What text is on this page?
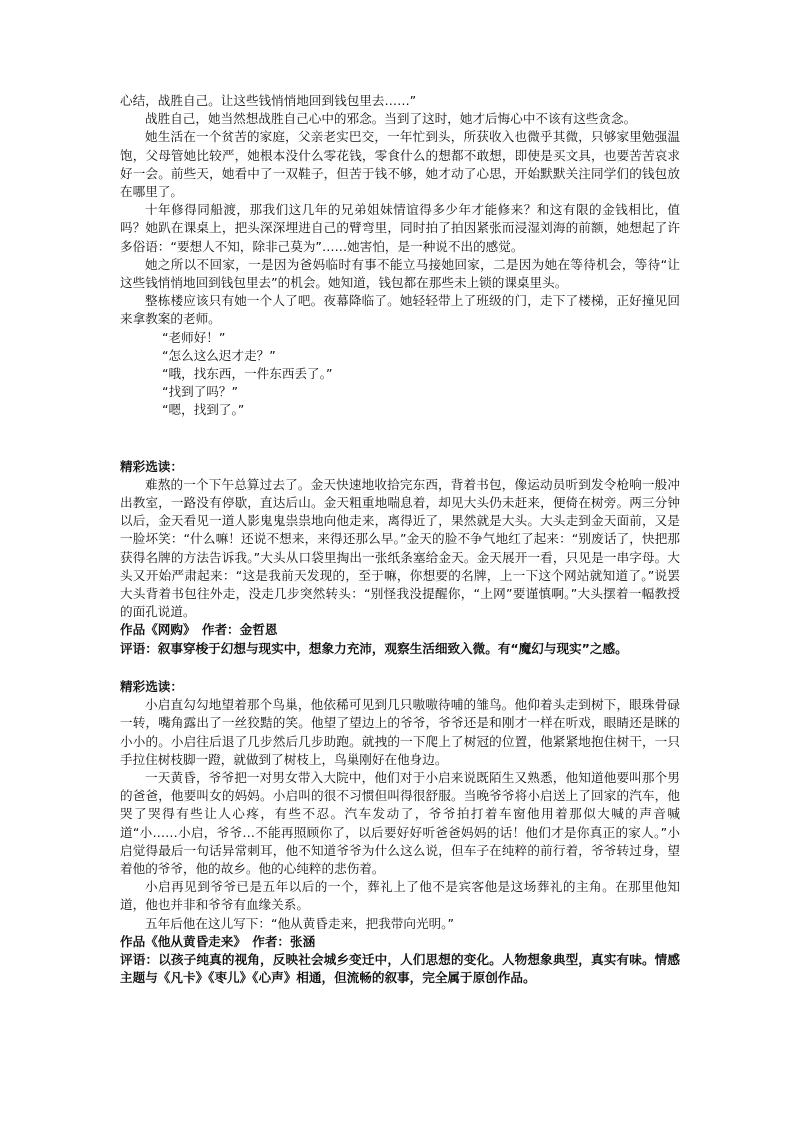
心结，战胜自己。让这些钱悄悄地回到钱包里去……”

战胜自己，她当然想战胜自己心中的邪念。当到了这时，她才后悔心中不该有这些贪念。

她生活在一个贫苦的家庭，父亲老实巴交，一年忙到头，所获收入也微乎其微，只够家里勉强温饱，父母管她比较严，她根本没什么零花钱，零食什么的想都不敢想，即使是买文具，也要苦苦哀求好一会。前些天，她看中了一双鞋子，但苦于钱不够，她才动了心思，开始默默关注同学们的钱包放在哪里了。

十年修得同船渡，那我们这几年的兄弟姐妹情谊得多少年才能修来？和这有限的金钱相比，值吗？她趴在课桌上，把头深深埋进自己的臂弯里，同时拍了拍因紧张而浸湿刘海的前额，她想起了许多俗语：“要想人不知，除非己莫为”……她害怕，是一种说不出的感觉。

她之所以不回家，一是因为爸妈临时有事不能立马接她回家，二是因为她在等待机会，等待“让这些钱悄悄地回到钱包里去”的机会。她知道，钱包都在那些未上锁的课桌里头。

整栋楼应该只有她一个人了吧。夜幕降临了。她轻轻带上了班级的门，走下了楼梯，正好撞见回来拿教案的老师。

“老师好！”

“怎么这么迟才走？”

“哦，找东西，一件东西丢了。”

“找到了吗？”

“嗯，找到了。”

精彩选读：

难熬的一个下午总算过去了。金天快速地收拾完东西，背着书包，像运动员听到发令枪响一般冲出教室，一路没有停歇，直达后山。金天粗重地喘息着，却见大头仍未赶来，便倚在树旁。两三分钟以后，金天看见一道人影鬼鬼祟祟地向他走来，离得近了，果然就是大头。大头走到金天面前，又是一脸坏笑：“什么嘛！还说不想来，来得还那么早。”金天的脸不争气地红了起来：“别废话了，快把那获得名牌的方法告诉我。”大头从口袋里掏出一张纸条塞给金天。金天展开一看，只见是一串字母。大头又开始严肃起来：“这是我前天发现的，至于嘛，你想要的名牌，上一下这个网站就知道了。”说罢大头背着书包往外走，没走几步突然转头：“别怪我没提醒你，“上网”要谨慎啊。”大头摆着一幅教授的面孔说道。

作品《网购》　作者：金哲恩

评语：叙事穿梭于幻想与现实中，想象力充沛，观察生活细致入微。有“魔幻与现实”之感。

精彩选读：

小启直勾勾地望着那个鸟巢，他依稀可见到几只嗷嗷待哺的雏鸟。他仰着头走到树下，眼珠骨碌一转，嘴角露出了一丝狡黠的笑。他望了望边上的爷爷，爷爷还是和刚才一样在听戏，眼睛还是眯的小小的。小启往后退了几步然后几步助跑。就拽的一下爬上了树冠的位置，他紧紧地抱住树干，一只手拉住树枝脚一蹬，就做到了树枝上，鸟巢刚好在他身边。

一天黄昏，爷爷把一对男女带入大院中，他们对于小启来说既陌生又熟悉，他知道他要叫那个男的爸爸，他要叫女的妈妈。小启叫的很不习惯但叫得很舒服。当晚爷爷将小启送上了回家的汽车，他哭了哭得有些让人心疼，有些不忍。汽车发动了，爷爷拍打着车窗他用着那似大喊的声音喊道“小……小启，爷爷…不能再照顾你了，以后要好好听爸爸妈妈的话！他们才是你真正的家人。”小启觉得最后一句话异常刺耳，他不知道爷爷为什么这么说，但车子在纯粹的前行着，爷爷转过身，望着他的爷爷，他的故乡。他的心纯粹的悲伤着。

小启再见到爷爷已是五年以后的一个，葬礼上了他不是宾客他是这场葬礼的主角。在那里他知道，他也并非和爷爷有血缘关系。

五年后他在这儿写下：“他从黄昏走来，把我带向光明。”

作品《他从黄昏走来》　作者：张涵

评语：以孩子纯真的视角，反映社会城乡变迁中，人们思想的变化。人物想象典型，真实有味。情感主题与《凡卡》《枣儿》《心声》相通，但流畅的叙事，完全属于原创作品。
